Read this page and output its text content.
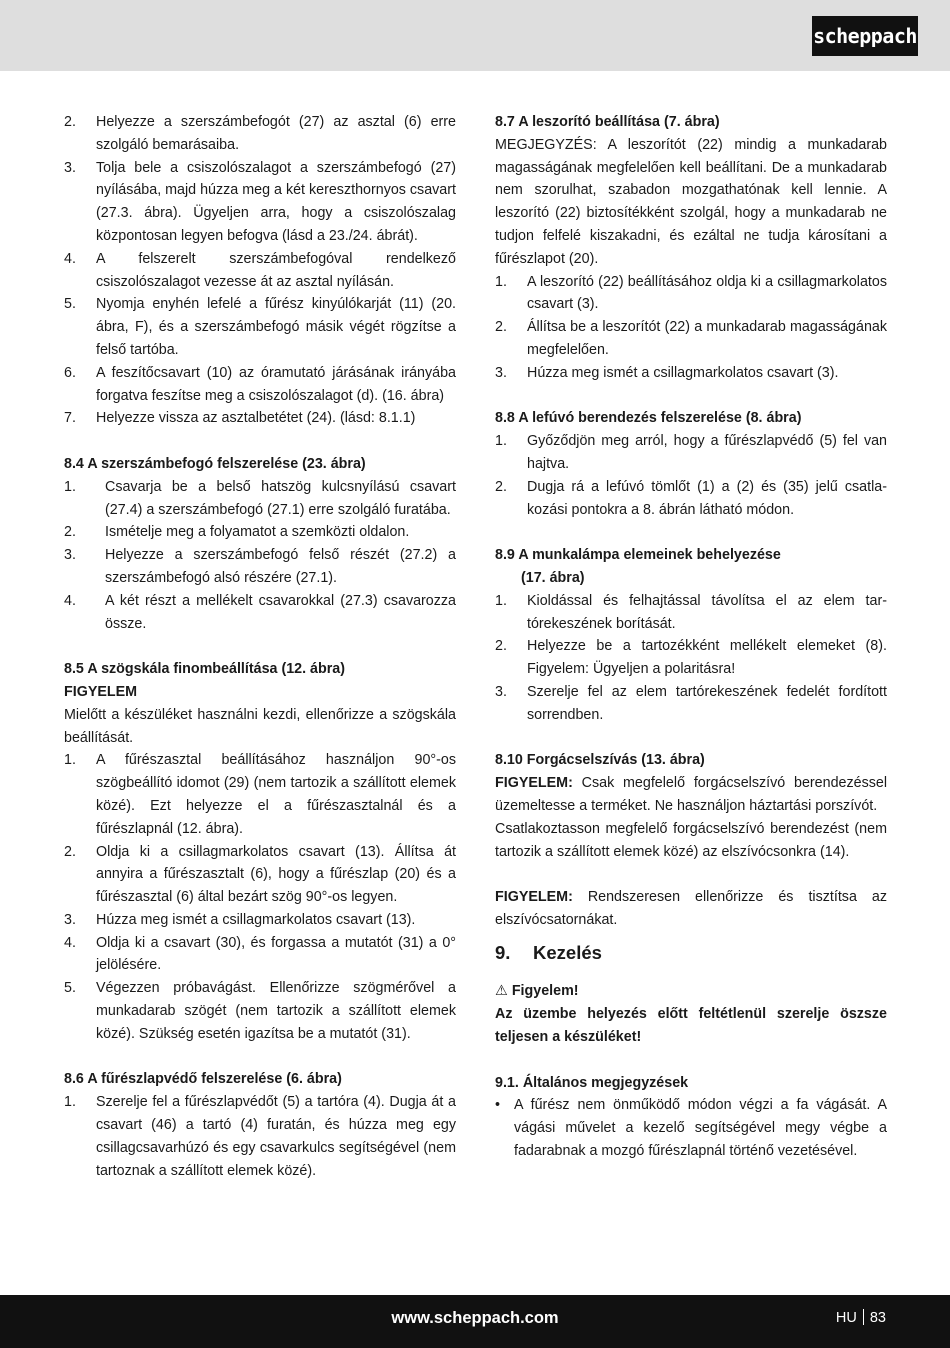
scheppach
2.	Helyezze a szerszámbefogót (27) az asztal (6) erre szolgáló bemarásaiba.
3.	Tolja bele a csiszolószalagot a szerszámbefogó (27) nyílásába, majd húzza meg a két kereszthornyos csavart (27.3. ábra). Ügyeljen arra, hogy a csiszolószalag központosan legyen befogva (lásd a 23./24. ábrát).
4.	A felszerelt szerszámbefogóval rendelkező csiszolószalagot vezesse át az asztal nyílásán.
5.	Nyomja enyhén lefelé a fűrész kinyúlókarját (11) (20. ábra, F), és a szerszámbefogó másik végét rögzítse a felső tartóba.
6.	A feszítőcsavart (10) az óramutató járásának irányába forgatva feszítse meg a csiszolószalagot (d). (16. ábra)
7.	Helyezze vissza az asztalbetétet (24). (lásd: 8.1.1)

8.4 A szerszámbefogó felszerelése (23. ábra)

1.	Csavarja be a belső hatszög kulcsnyílású csavart (27.4) a szerszámbefogó (27.1) erre szolgáló furatába.
2.	Ismételje meg a folyamatot a szemközti oldalon.
3.	Helyezze a szerszámbefogó felső részét (27.2) a szerszámbefogó alsó részére (27.1).
4.	A két részt a mellékelt csavarokkal (27.3) csavarozza össze.

8.5 A szögskála finombeállítása (12. ábra)

FIGYELEM

Mielőtt a készüléket használni kezdi, ellenőrizze a szögskála beállítását.

1.	A fűrészasztal beállításához használjon 90°-os szögbeállító idomot (29) (nem tartozik a szállított elemek közé). Ezt helyezze el a fűrészasztalnál és a fűrészlapnál (12. ábra).
2.	Oldja ki a csillagmarkolatos csavart (13). Állítsa át annyira a fűrészasztalt (6), hogy a fűrészlap (20) és a fűrészasztal (6) által bezárt szög 90°-os legyen.
3.	Húzza meg ismét a csillagmarkolatos csavart (13).
4.	Oldja ki a csavart (30), és forgassa a mutatót (31) a 0° jelölésére.
5.	Végezzen próbavágást. Ellenőrizze szögmérővel a munkadarab szögét (nem tartozik a szállított elemek közé). Szükség esetén igazítsa be a mutatót (31).

8.6 A fűrészlapvédő felszerelése (6. ábra)

1.	Szerelje fel a fűrészlapvédőt (5) a tartóra (4). Dugja át a csavart (46) a tartó (4) furatán, és húzza meg egy csillagcsavarhúzó és egy csavarkulcs segítségével (nem tartoznak a szállított elemek közé).

8.7 A leszorító beállítása (7. ábra)

MEGJEGYZÉS: A leszorítót (22) mindig a munkadarab magasságának megfelelően kell beállítani. De a munkadarab nem szorulhat, szabadon mozgathatónak kell lennie. A leszorító (22) biztosítékként szolgál, hogy a munkadarab ne tudjon felfelé kiszakadni, és ezáltal ne tudja károsítani a fűrészlapot (20).

1.	A leszorító (22) beállításához oldja ki a csillagmarkolatos csavart (3).
2.	Állítsa be a leszorítót (22) a munkadarab magasságának megfelelően.
3.	Húzza meg ismét a csillagmarkolatos csavart (3).

8.8 A lefúvó berendezés felszerelése (8. ábra)

1.	Győződjön meg arról, hogy a fűrészlapvédő (5) fel van hajtva.
2.	Dugja rá a lefúvó tömlőt (1) a (2) és (35) jelű csatlakozási pontokra a 8. ábrán látható módon.

8.9 A munkalámpa elemeinek behelyezése

(17. ábra)

1.	Kioldással és felhajtással távolítsa el az elem tartórekeszének borítását.
2.	Helyezze be a tartozékként mellékelt elemeket (8). Figyelem: Ügyeljen a polaritásra!
3.	Szerelje fel az elem tartórekeszének fedelét fordított sorrendben.

8.10 Forgácselszívás (13. ábra)

FIGYELEM: Csak megfelelő forgácselszívó berendezéssel üzemeltesse a terméket. Ne használjon háztartási porszívót.

Csatlakoztasson megfelelő forgácselszívó berendezést (nem tartozik a szállított elemek közé) az elszívócsonkra (14).

FIGYELEM: Rendszeresen ellenőrizze és tisztítsa az elszívócsatornákat.

9.	Kezelés

⚠ Figyelem!

Az üzembe helyezés előtt feltétlenül szerelje öszsze teljesen a készüléket!

9.1. Általános megjegyzések

• A fűrész nem önműködő módon végzi a fa vágását. A vágási művelet a kezelő segítségével megy végbe a fadarabnak a mozgó fűrészlapnál történő vezetésével.
www.scheppach.com	HU 83
